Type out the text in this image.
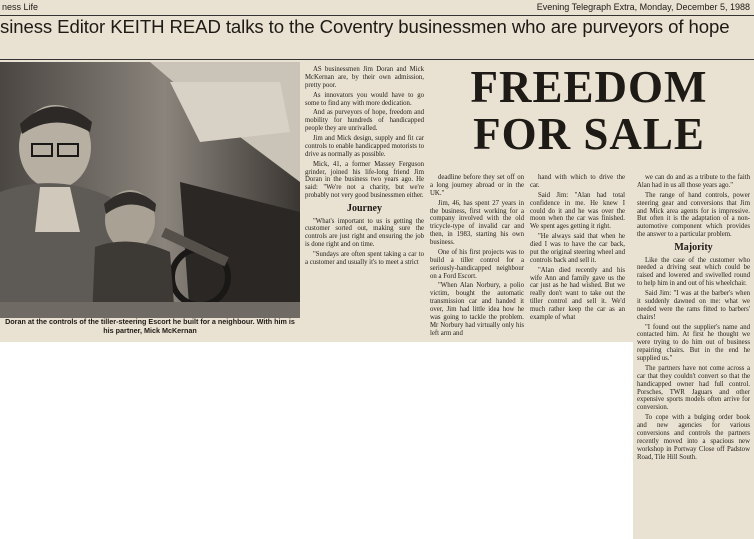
ness Life	Evening Telegraph Extra, Monday, December 5, 1988
siness Editor KEITH READ talks to the Coventry businessmen who are purveyors of hope
Doran at the controls of the tiller-steering Escort he built for a neighbour. With him is his partner, Mick McKernan

AS businessmen Jim Doran and Mick McKernan are, by their own admission, pretty poor.

As innovators you would have to go some to find any with more dedication.

And as purveyors of hope, freedom and mobility for hundreds of handicapped people they are unrivalled.

Jim and Mick design, supply and fit car controls to enable handicapped motorists to drive as normally as possible.

Mick, 41, a former Massey Ferguson grinder, joined his life-long friend Jim Doran in the business two years ago. He said: "We're not a charity, but we're probably not very good businessmen either.

Journey

"What's important to us is getting the customer sorted out, making sure the controls are just right and ensuring the job is done right and on time.

"Sundays are often spent taking a car to a customer and usually it's to meet a strict

FREEDOM
FOR SALE

deadline before they set off on a long journey abroad or in the UK."

Jim, 46, has spent 27 years in the business, first working for a company involved with the old tricycle-type of invalid car and then, in 1983, starting his own business.

One of his first projects was to build a tiller control for a seriously-handicapped neighbour on a Ford Escort.

"When Alan Norbury, a polio victim, bought the automatic transmission car and handed it over, Jim had little idea how he was going to tackle the problem. Mr Norbury had virtually only his left arm and

hand with which to drive the car.

Said Jim: "Alan had total confidence in me. He knew I could do it and he was over the moon when the car was finished. We spent ages getting it right.

"He always said that when he died I was to have the car back, put the original steering wheel and controls back and sell it.

"Alan died recently and his wife Ann and family gave us the car just as he had wished. But we really don't want to take out the tiller control and sell it. We'd much rather keep the car as an example of what

we can do and as a tribute to the faith Alan had in us all those years ago."

The range of hand controls, power steering gear and conversions that Jim and Mick area agents for is impressive. But often it is the adaptation of a non-automotive component which provides the answer to a particular problem.

Majority

Like the case of the customer who needed a driving seat which could be raised and lowered and swivelled round to help him in and out of his wheelchair.

Said Jim: "I was at the barber's when it suddenly dawned on me: what we needed were the rams fitted to barbers' chairs!

"I found out the supplier's name and contacted him. At first he thought we were trying to do him out of business repairing chairs. But in the end he supplied us."

The partners have not come across a car that they couldn't convert so that the handicapped owner had full control. Porsches, TWR Jaguars and other expensive sports models often arrive for conversion.

To cope with a bulging order book and new agencies for various conversions and controls the partners recently moved into a spacious new workshop in Portway Close off Padstow Road, Tile Hill South.
